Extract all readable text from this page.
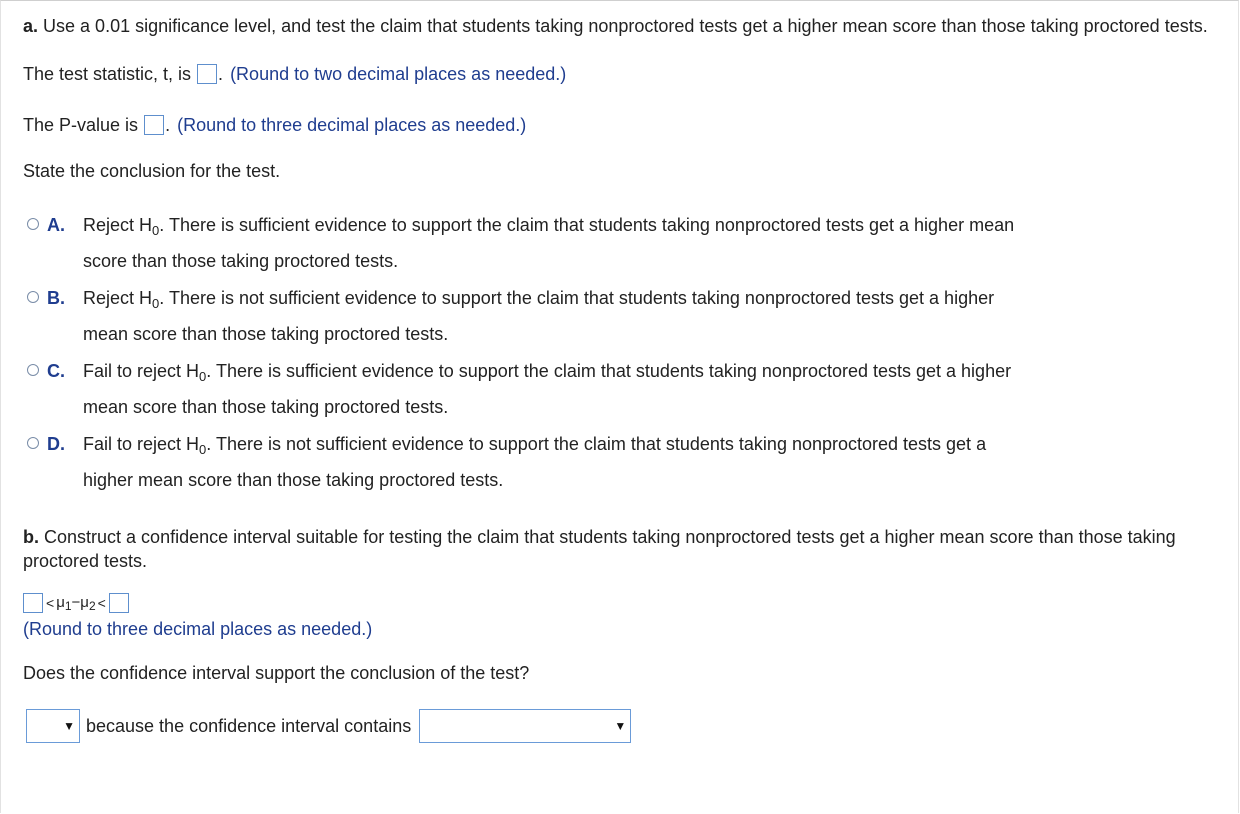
a. Use a 0.01 significance level, and test the claim that students taking nonproctored tests get a higher mean score than those taking proctored tests.

The test statistic, t, is . (Round to two decimal places as needed.)
The P-value is . (Round to three decimal places as needed.)
State the conclusion for the test.
A. Reject $H_0$. There is sufficient evidence to support the claim that students taking nonproctored tests get a higher mean
score than those taking proctored tests.
B. Reject $H_0$. There is not sufficient evidence to support the claim that students taking nonproctored tests get a higher
mean score than those taking proctored tests.
C. Fail to reject $H_0$. There is sufficient evidence to support the claim that students taking nonproctored tests get a higher
mean score than those taking proctored tests.
D. Fail to reject $H_0$. There is not sufficient evidence to support the claim that students taking nonproctored tests get a
higher mean score than those taking proctored tests.

b. Construct a confidence interval suitable for testing the claim that students taking nonproctored tests get a higher mean score than those taking proctored tests.

< $\mu_1 - \mu_2$ <
(Round to three decimal places as needed.)
Does the confidence interval support the conclusion of the test?
▼ because the confidence interval contains	▼
